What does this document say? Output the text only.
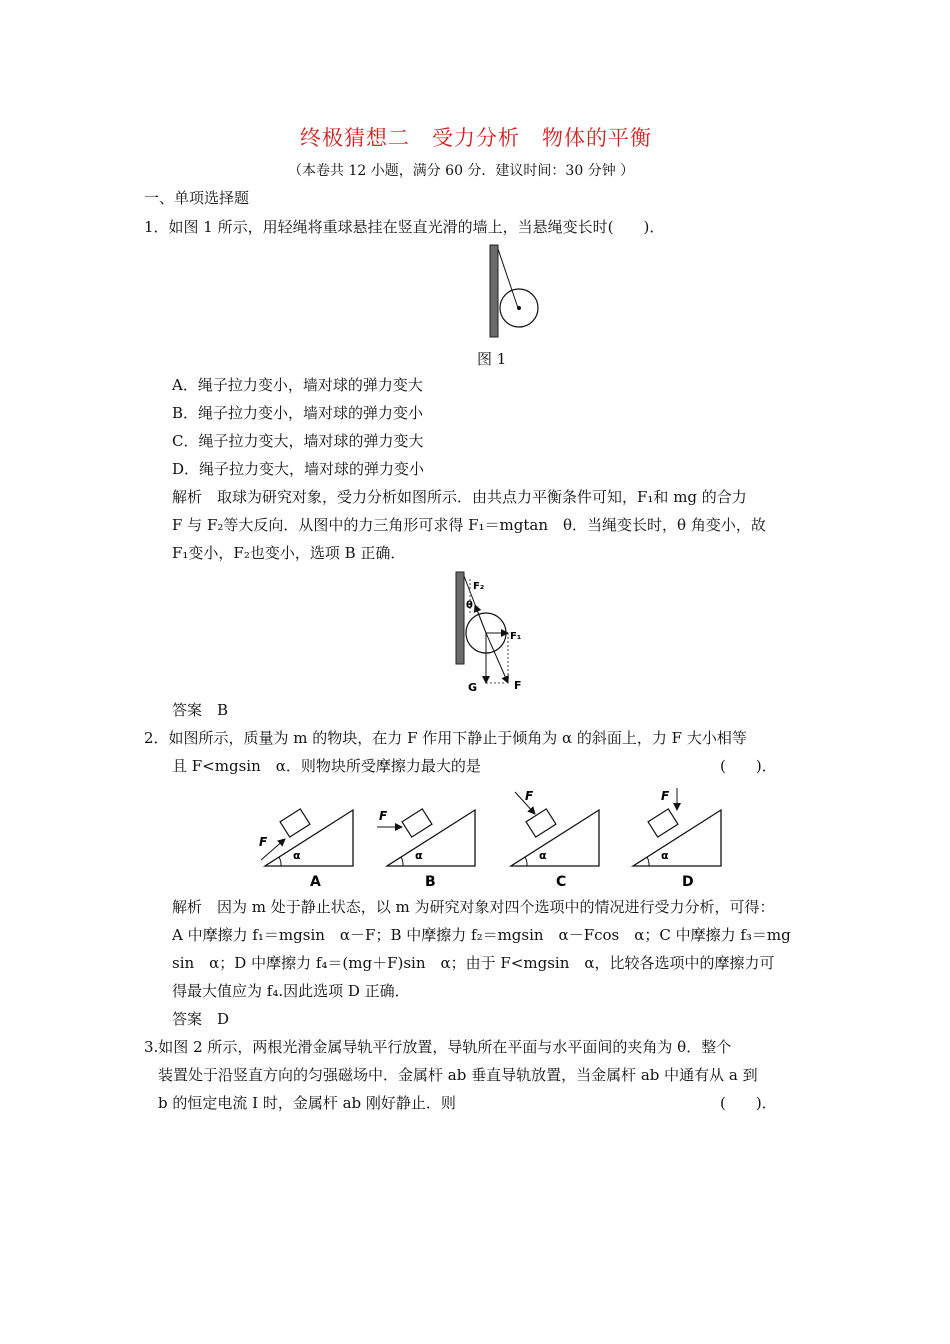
终极猜想二　受力分析　物体的平衡
（本卷共 12 小题，满分 60 分．建议时间：30 分钟 ）
一、单项选择题
1．如图 1 所示，用轻绳将重球悬挂在竖直光滑的墙上，当悬绳变长时(　　)．
图 1
A．绳子拉力变小，墙对球的弹力变大
B．绳子拉力变小，墙对球的弹力变小
C．绳子拉力变大，墙对球的弹力变大
D．绳子拉力变大，墙对球的弹力变小
解析　取球为研究对象，受力分析如图所示．由共点力平衡条件可知，F₁和 mg 的合力
F 与 F₂等大反向．从图中的力三角形可求得 F₁＝mgtan　θ．当绳变长时，θ 角变小，故
F₁变小，F₂也变小，选项 B 正确．
F₂
θ
F₁
G	F
答案　B
2．如图所示，质量为 m 的物块，在力 F 作用下静止于倾角为 α 的斜面上，力 F 大小相等
且 F<mgsin　α．则物块所受摩擦力最大的是	(　　)．
F
α
A
F
α
B
F
α
C
F
α
D
解析　因为 m 处于静止状态，以 m 为研究对象对四个选项中的情况进行受力分析，可得：
A 中摩擦力 f₁＝mgsin　α－F；B 中摩擦力 f₂＝mgsin　α－Fcos　α；C 中摩擦力 f₃＝mg
sin　α；D 中摩擦力 f₄＝(mg＋F)sin　α；由于 F<mgsin　α，比较各选项中的摩擦力可
得最大值应为 f₄.因此选项 D 正确．
答案　D
3.如图 2 所示，两根光滑金属导轨平行放置，导轨所在平面与水平面间的夹角为 θ．整个
装置处于沿竖直方向的匀强磁场中．金属杆 ab 垂直导轨放置，当金属杆 ab 中通有从 a 到
b 的恒定电流 I 时，金属杆 ab 刚好静止．则	(　　)．
